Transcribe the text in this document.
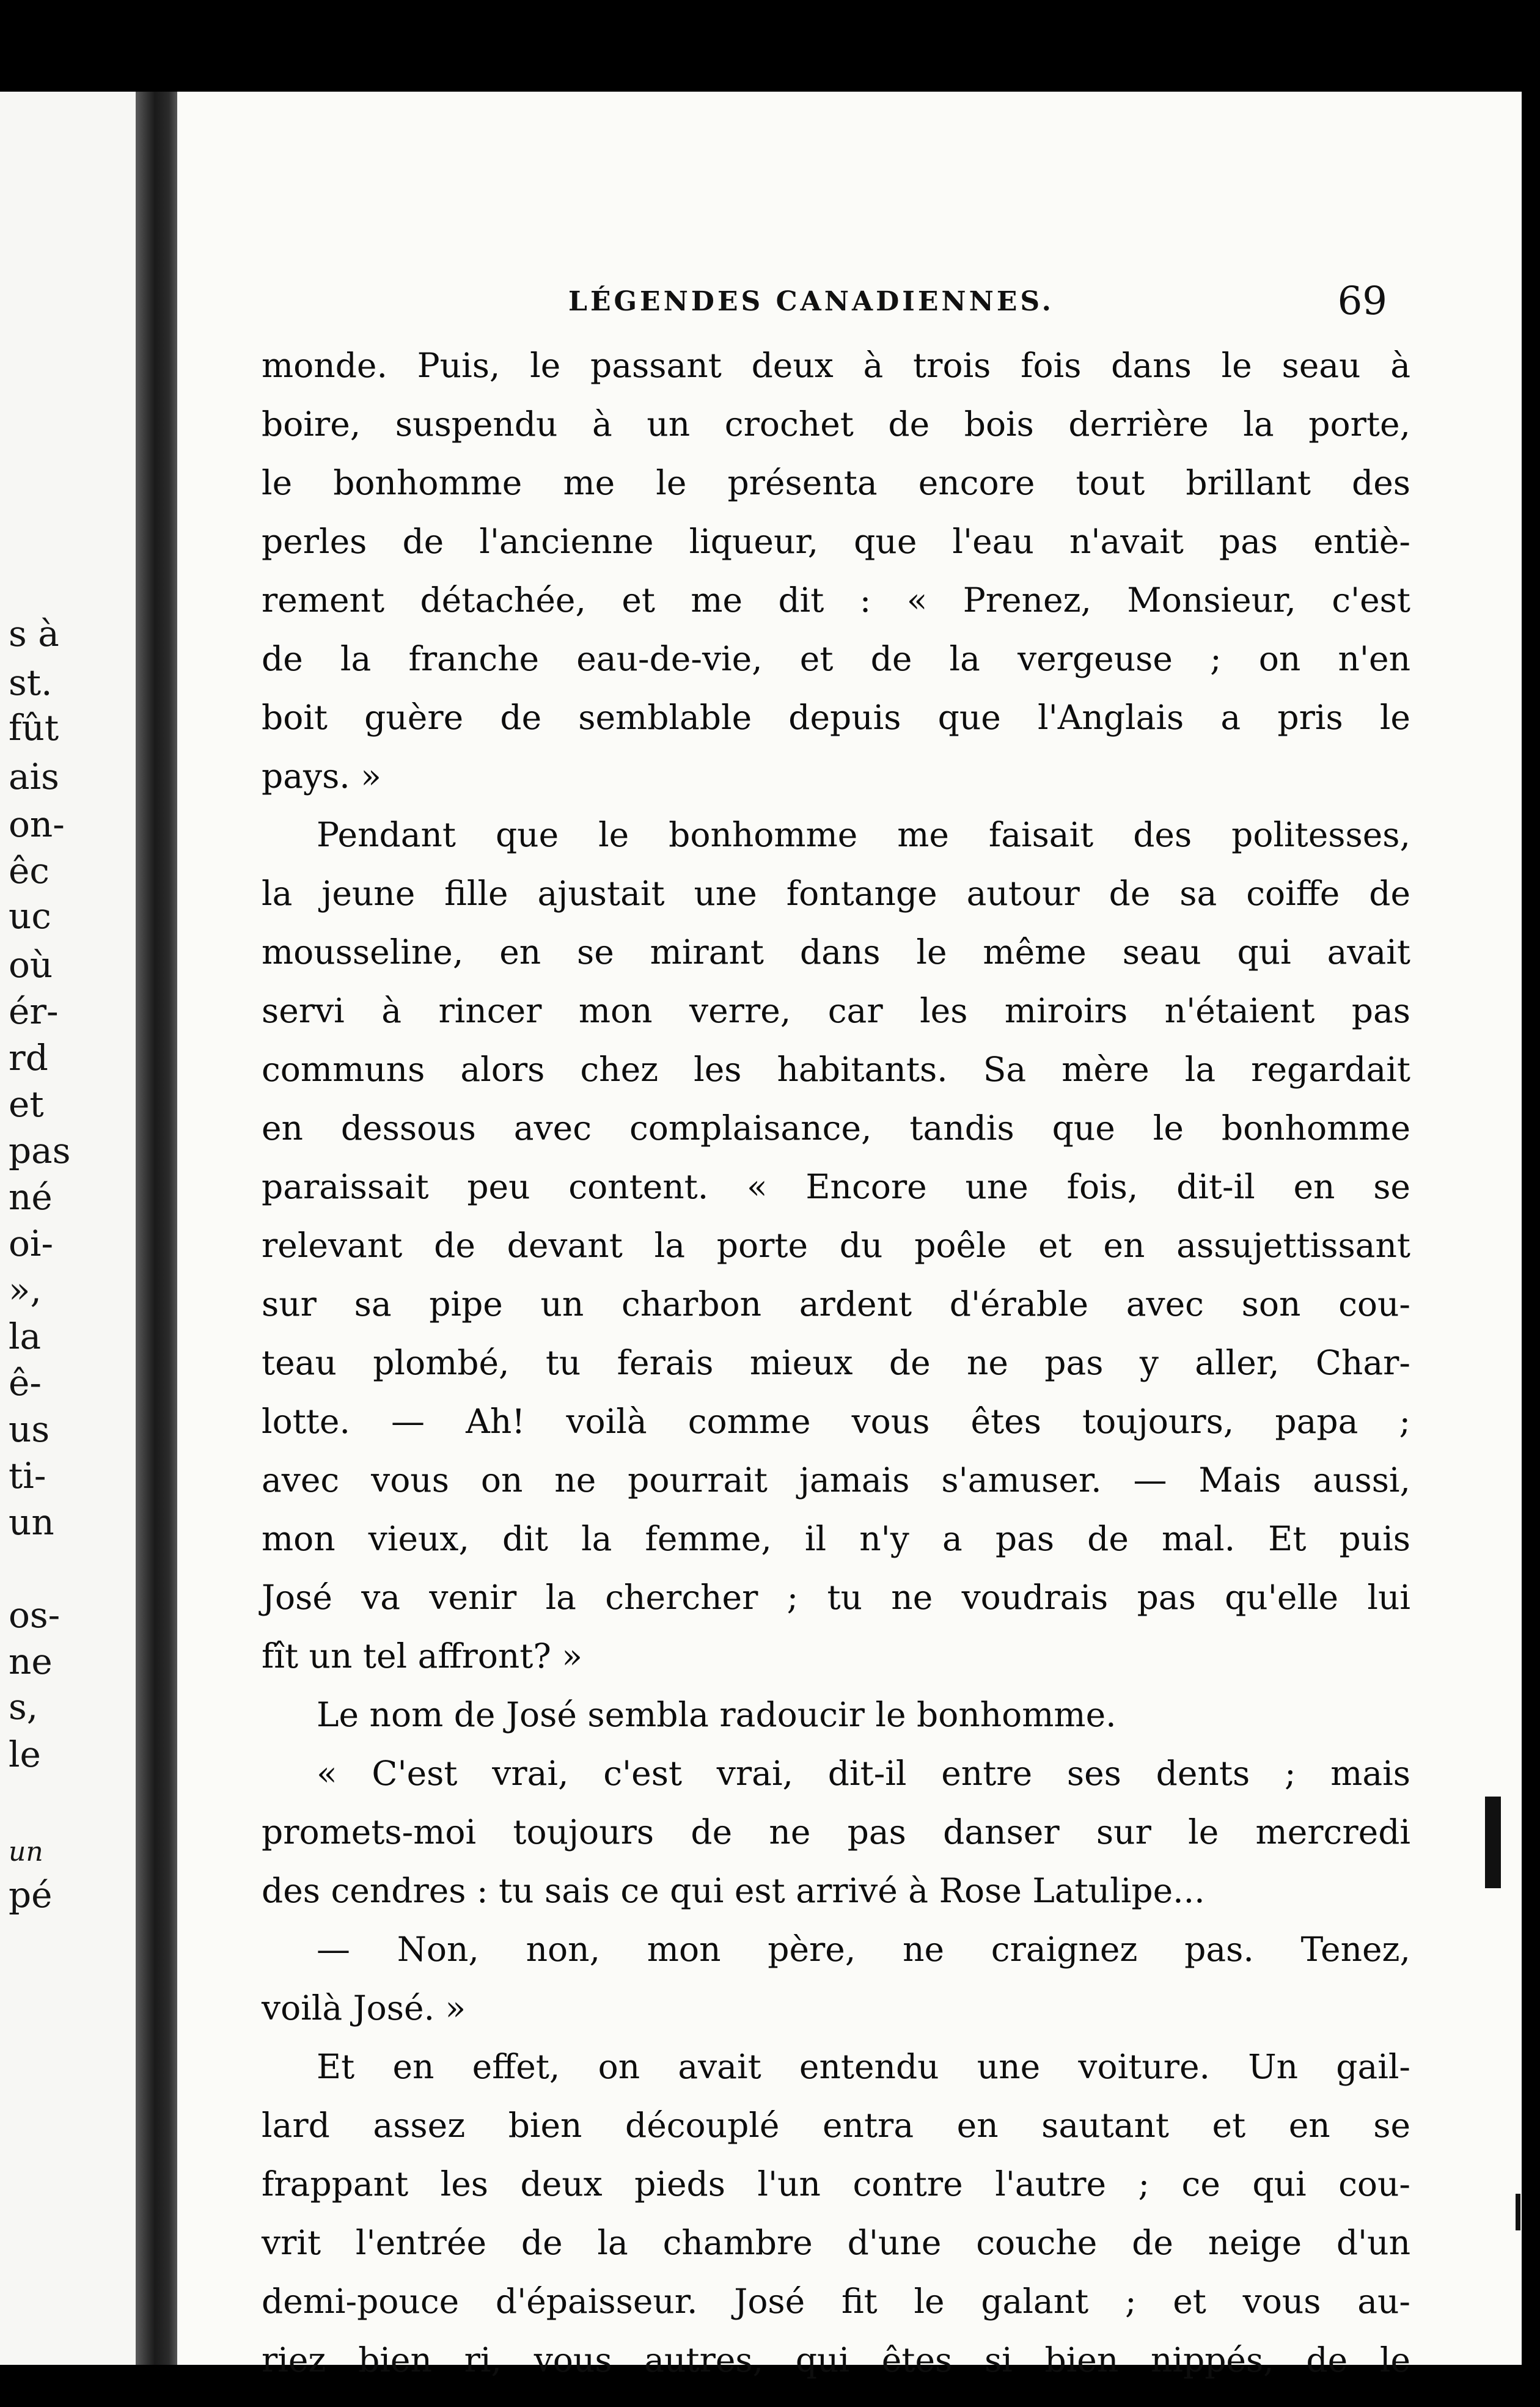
s à
st.
fût
ais
on-
êc
uc
où
ér-
rd
et
pas
né
oi-
»,
la
ê-
us
ti-
un
os-
ne
s,
le
un
pé
LÉGENDES CANADIENNES.	69
monde. Puis, le passant deux à trois fois dans le seau à
boire, suspendu à un crochet de bois derrière la porte,
le bonhomme me le présenta encore tout brillant des
perles de l'ancienne liqueur, que l'eau n'avait pas entiè-
rement détachée, et me dit : « Prenez, Monsieur, c'est
de la franche eau-de-vie, et de la vergeuse ; on n'en
boit guère de semblable depuis que l'Anglais a pris le
pays. »
Pendant que le bonhomme me faisait des politesses,
la jeune fille ajustait une fontange autour de sa coiffe de
mousseline, en se mirant dans le même seau qui avait
servi à rincer mon verre, car les miroirs n'étaient pas
communs alors chez les habitants. Sa mère la regardait
en dessous avec complaisance, tandis que le bonhomme
paraissait peu content. « Encore une fois, dit-il en se
relevant de devant la porte du poêle et en assujettissant
sur sa pipe un charbon ardent d'érable avec son cou-
teau plombé, tu ferais mieux de ne pas y aller, Char-
lotte. — Ah! voilà comme vous êtes toujours, papa ;
avec vous on ne pourrait jamais s'amuser. — Mais aussi,
mon vieux, dit la femme, il n'y a pas de mal. Et puis
José va venir la chercher ; tu ne voudrais pas qu'elle lui
fît un tel affront? »
Le nom de José sembla radoucir le bonhomme.
« C'est vrai, c'est vrai, dit-il entre ses dents ; mais
promets-moi toujours de ne pas danser sur le mercredi
des cendres : tu sais ce qui est arrivé à Rose Latulipe...
— Non, non, mon père, ne craignez pas. Tenez,
voilà José. »
Et en effet, on avait entendu une voiture. Un gail-
lard assez bien découplé entra en sautant et en se
frappant les deux pieds l'un contre l'autre ; ce qui cou-
vrit l'entrée de la chambre d'une couche de neige d'un
demi-pouce d'épaisseur. José fit le galant ; et vous au-
riez bien ri, vous autres, qui êtes si bien nippés, de le
